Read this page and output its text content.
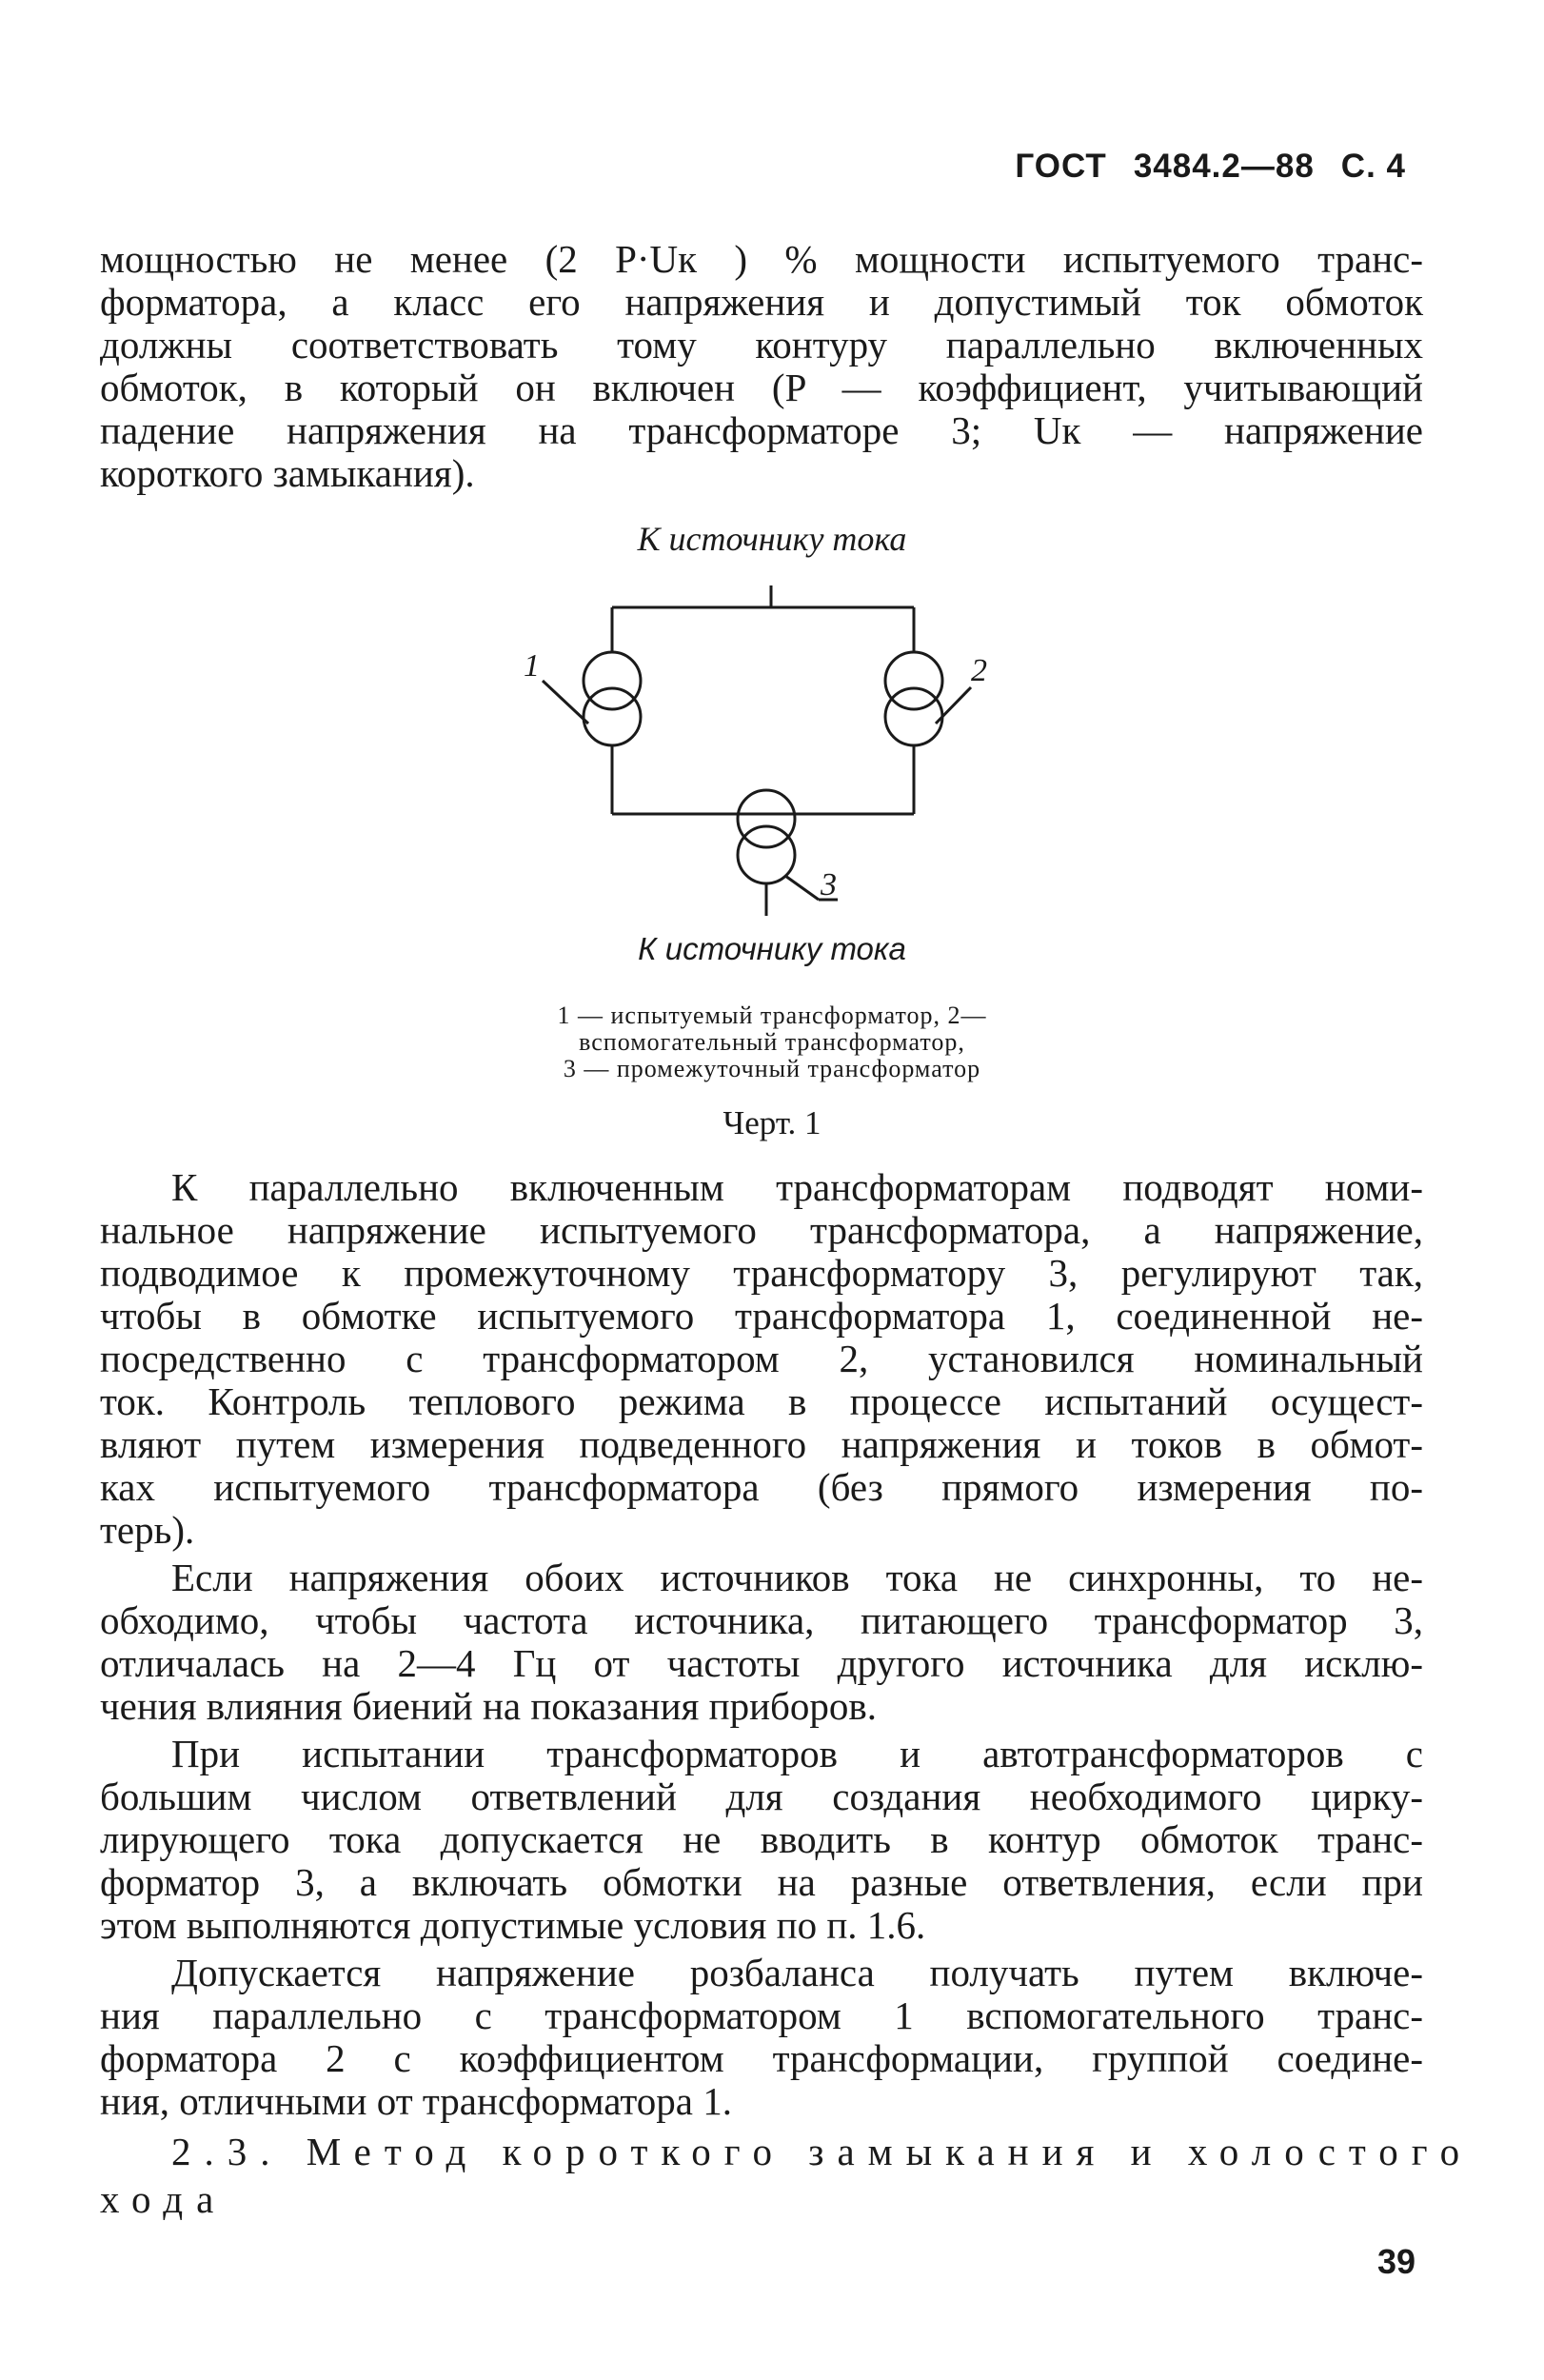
ГОСТ 3484.2—88 С. 4

мощностью не менее (2 P·Uк ) % мощности испытуемого транс-
форматора, а класс его напряжения и допустимый ток обмоток
должны соответствовать тому контуру параллельно включенных
обмоток, в который он включен (P — коэффициент, учитывающий
падение напряжения на трансформаторе 3; Uк — напряжение
короткого замыкания).

К источнику тока
1	2
3
К источнику тока
1 — испытуемый трансформатор, 2—
вспомогательный трансформатор,
3 — промежуточный трансформатор
Черт. 1

К параллельно включенным трансформаторам подводят номи-
нальное напряжение испытуемого трансформатора, а напряжение,
подводимое к промежуточному трансформатору 3, регулируют так,
чтобы в обмотке испытуемого трансформатора 1, соединенной не-
посредственно с трансформатором 2, установился номинальный
ток. Контроль теплового режима в процессе испытаний осущест-
вляют путем измерения подведенного напряжения и токов в обмот-
ках испытуемого трансформатора (без прямого измерения по-
терь).

Если напряжения обоих источников тока не синхронны, то не-
обходимо, чтобы частота источника, питающего трансформатор 3,
отличалась на 2—4 Гц от частоты другого источника для исклю-
чения влияния биений на показания приборов.

При испытании трансформаторов и автотрансформаторов с
большим числом ответвлений для создания необходимого цирку-
лирующего тока допускается не вводить в контур обмоток транс-
форматор 3, а включать обмотки на разные ответвления, если при
этом выполняются допустимые условия по п. 1.6.

Допускается напряжение розбаланса получать путем включе-
ния параллельно с трансформатором 1 вспомогательного транс-
форматора 2 с коэффициентом трансформации, группой соедине-
ния, отличными от трансформатора 1.

2.3. Метод короткого замыкания и холостого
хода
39
